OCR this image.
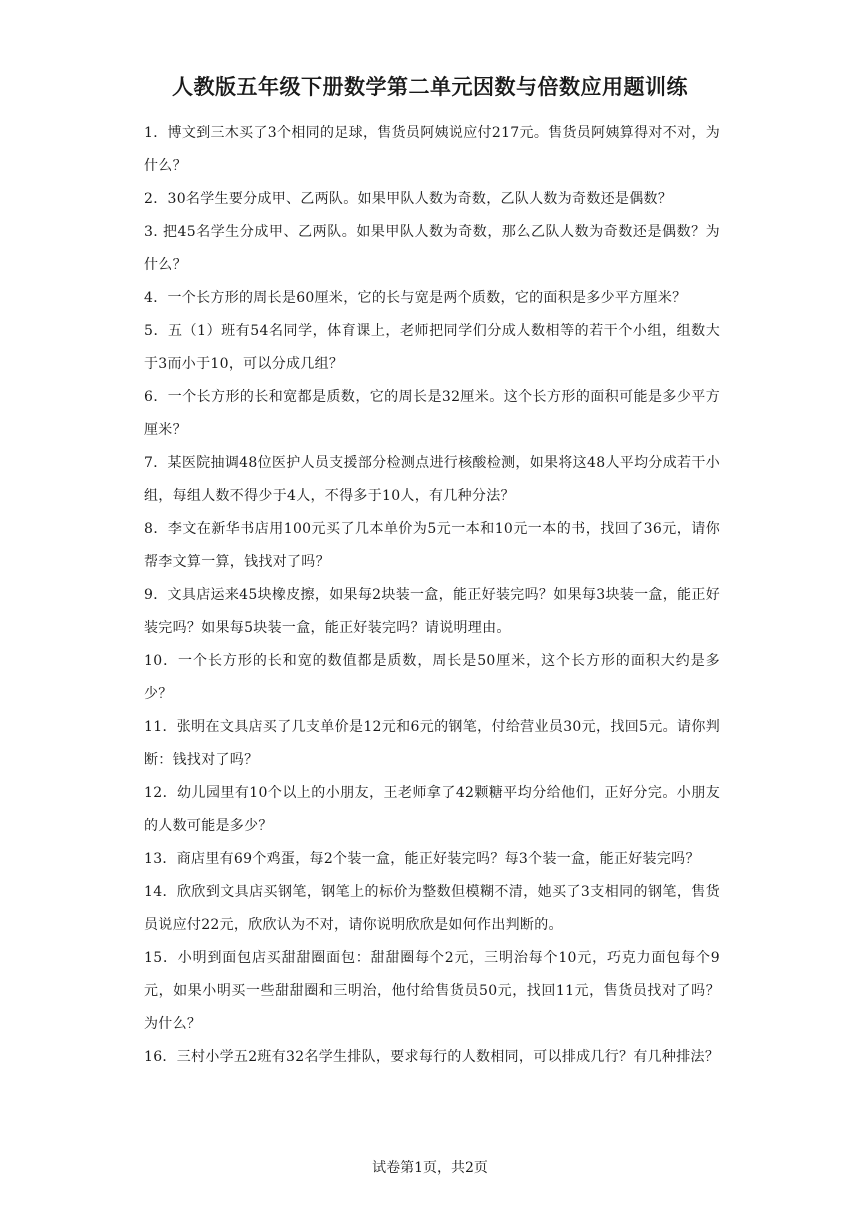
人教版五年级下册数学第二单元因数与倍数应用题训练
1．博文到三木买了3个相同的足球，售货员阿姨说应付217元。售货员阿姨算得对不对，为什么？
2．30名学生要分成甲、乙两队。如果甲队人数为奇数，乙队人数为奇数还是偶数？
3. 把45名学生分成甲、乙两队。如果甲队人数为奇数，那么乙队人数为奇数还是偶数？为什么？
4．一个长方形的周长是60厘米，它的长与宽是两个质数，它的面积是多少平方厘米？
5．五（1）班有54名同学，体育课上，老师把同学们分成人数相等的若干个小组，组数大于3而小于10，可以分成几组？
6．一个长方形的长和宽都是质数，它的周长是32厘米。这个长方形的面积可能是多少平方厘米？
7．某医院抽调48位医护人员支援部分检测点进行核酸检测，如果将这48人平均分成若干小组，每组人数不得少于4人，不得多于10人，有几种分法？
8．李文在新华书店用100元买了几本单价为5元一本和10元一本的书，找回了36元，请你帮李文算一算，钱找对了吗？
9．文具店运来45块橡皮擦，如果每2块装一盒，能正好装完吗？如果每3块装一盒，能正好装完吗？如果每5块装一盒，能正好装完吗？请说明理由。
10．一个长方形的长和宽的数值都是质数，周长是50厘米，这个长方形的面积大约是多少？
11．张明在文具店买了几支单价是12元和6元的钢笔，付给营业员30元，找回5元。请你判断：钱找对了吗？
12．幼儿园里有10个以上的小朋友，王老师拿了42颗糖平均分给他们，正好分完。小朋友的人数可能是多少？
13．商店里有69个鸡蛋，每2个装一盒，能正好装完吗？每3个装一盒，能正好装完吗？
14．欣欣到文具店买钢笔，钢笔上的标价为整数但模糊不清，她买了3支相同的钢笔，售货员说应付22元，欣欣认为不对，请你说明欣欣是如何作出判断的。
15．小明到面包店买甜甜圈面包：甜甜圈每个2元，三明治每个10元，巧克力面包每个9元，如果小明买一些甜甜圈和三明治，他付给售货员50元，找回11元，售货员找对了吗？为什么？
16．三村小学五2班有32名学生排队，要求每行的人数相同，可以排成几行？有几种排法？
试卷第1页，共2页
